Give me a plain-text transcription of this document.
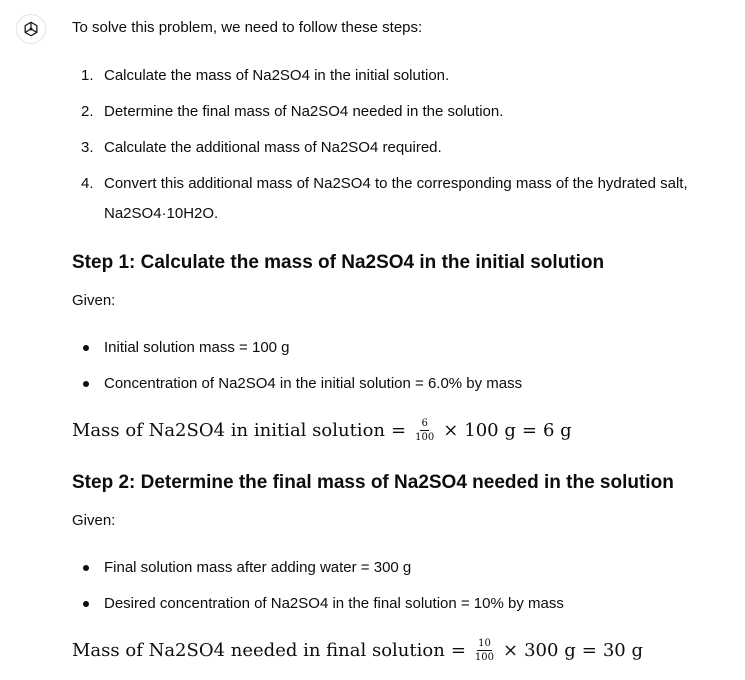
To solve this problem, we need to follow these steps:
1. Calculate the mass of Na2SO4 in the initial solution.
2. Determine the final mass of Na2SO4 needed in the solution.
3. Calculate the additional mass of Na2SO4 required.
4. Convert this additional mass of Na2SO4 to the corresponding mass of the hydrated salt,
Na2SO4·10H2O.
Step 1: Calculate the mass of Na2SO4 in the initial solution
Given:
Initial solution mass = 100 g
Concentration of Na2SO4 in the initial solution = 6.0% by mass
Mass of Na2SO4 in initial solution = $\frac{6}{100} \times 100$ g = 6 g
Step 2: Determine the final mass of Na2SO4 needed in the solution
Given:
Final solution mass after adding water = 300 g
Desired concentration of Na2SO4 in the final solution = 10% by mass
Mass of Na2SO4 needed in final solution = $\frac{10}{100} \times 300$ g = 30 g
